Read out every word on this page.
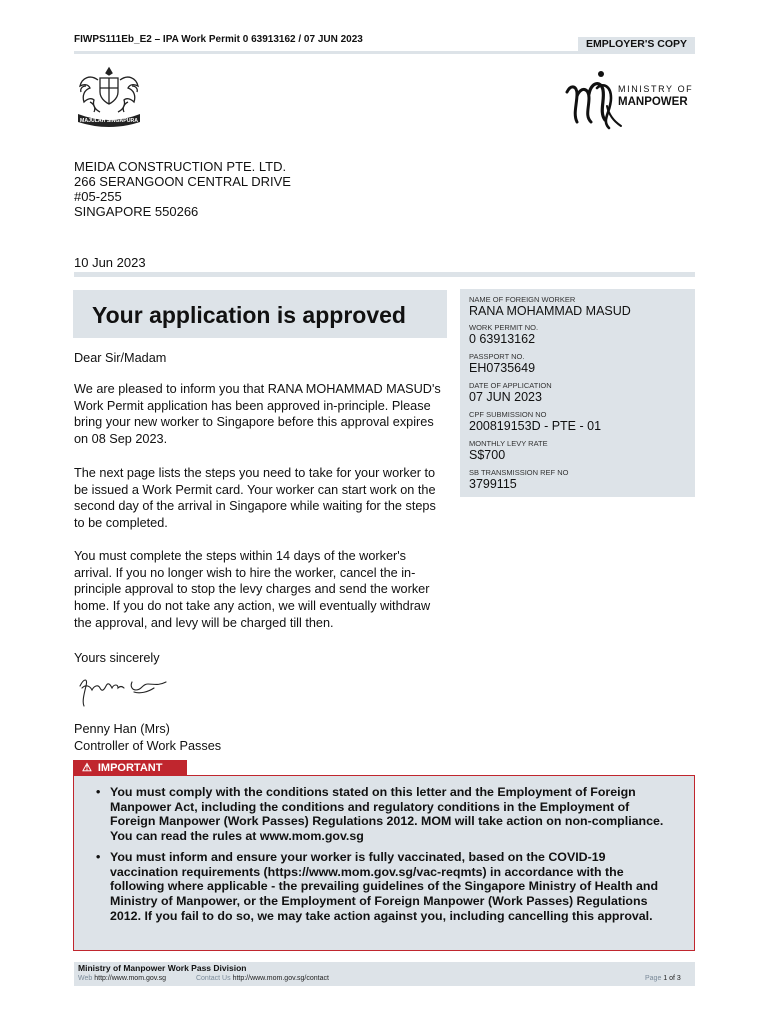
FIWPS111Eb_E2 – IPA Work Permit 0 63913162 / 07 JUN 2023	EMPLOYER'S COPY
MAJULAH SINGAPURA
MINISTRY OF
MANPOWER
MEIDA CONSTRUCTION PTE. LTD.
266 SERANGOON CENTRAL DRIVE
#05-255
SINGAPORE 550266
10 Jun 2023
Your application is approved
Dear Sir/Madam
We are pleased to inform you that RANA MOHAMMAD MASUD's Work Permit application has been approved in-principle. Please bring your new worker to Singapore before this approval expires on 08 Sep 2023.
The next page lists the steps you need to take for your worker to be issued a Work Permit card. Your worker can start work on the second day of the arrival in Singapore while waiting for the steps to be completed.
You must complete the steps within 14 days of the worker's arrival. If you no longer wish to hire the worker, cancel the in-principle approval to stop the levy charges and send the worker home. If you do not take any action, we will eventually withdraw the approval, and levy will be charged till then.
Yours sincerely
Penny Han (Mrs)
Controller of Work Passes
NAME OF FOREIGN WORKER
RANA MOHAMMAD MASUD
WORK PERMIT NO.
0 63913162
PASSPORT NO.
EH0735649
DATE OF APPLICATION
07 JUN 2023
CPF SUBMISSION NO
200819153D - PTE - 01
MONTHLY LEVY RATE
S$700
SB TRANSMISSION REF NO
3799115
⚠ IMPORTANT
• You must comply with the conditions stated on this letter and the Employment of Foreign Manpower Act, including the conditions and regulatory conditions in the Employment of Foreign Manpower (Work Passes) Regulations 2012. MOM will take action on non-compliance. You can read the rules at www.mom.gov.sg
• You must inform and ensure your worker is fully vaccinated, based on the COVID-19 vaccination requirements (https://www.mom.gov.sg/vac-reqmts) in accordance with the following where applicable - the prevailing guidelines of the Singapore Ministry of Health and Ministry of Manpower, or the Employment of Foreign Manpower (Work Passes) Regulations 2012. If you fail to do so, we may take action against you, including cancelling this approval.
Ministry of Manpower Work Pass Division
Web http://www.mom.gov.sg	Contact Us http://www.mom.gov.sg/contact	Page 1 of 3
